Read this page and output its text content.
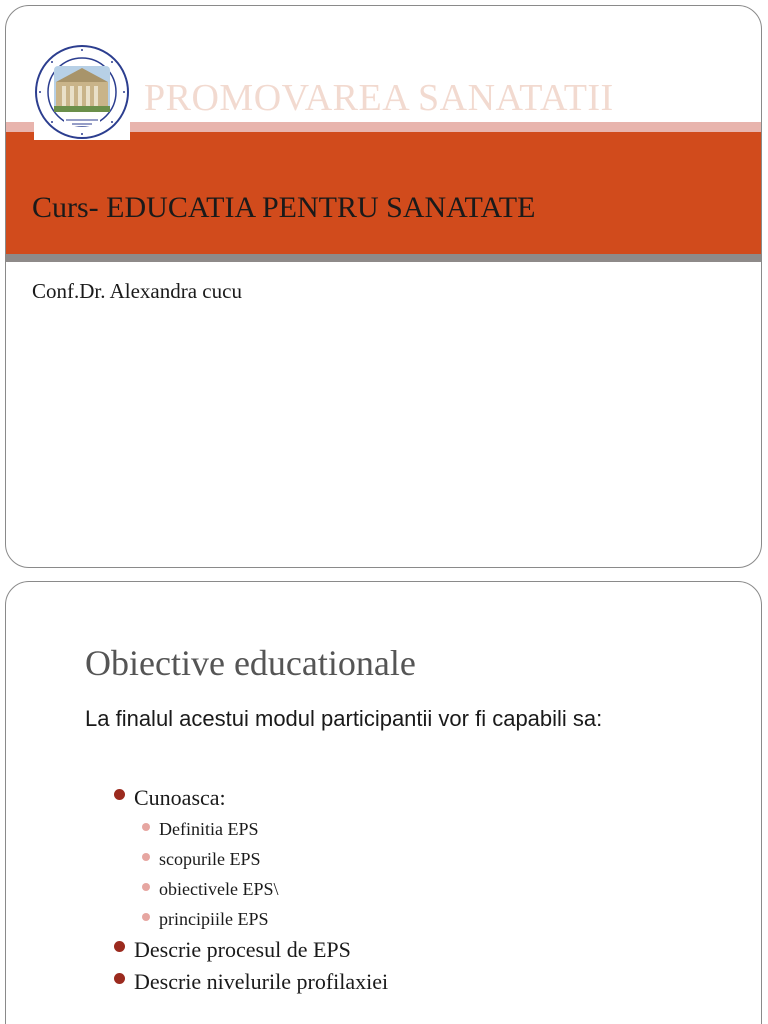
PROMOVAREA SANATATII
Curs- EDUCATIA PENTRU SANATATE
Conf.Dr. Alexandra cucu
Obiective educationale
La finalul acestui modul participantii vor fi capabili sa:
Cunoasca:
Definitia EPS
scopurile EPS
obiectivele EPS\
principiile EPS
Descrie procesul de EPS
Descrie nivelurile profilaxiei
